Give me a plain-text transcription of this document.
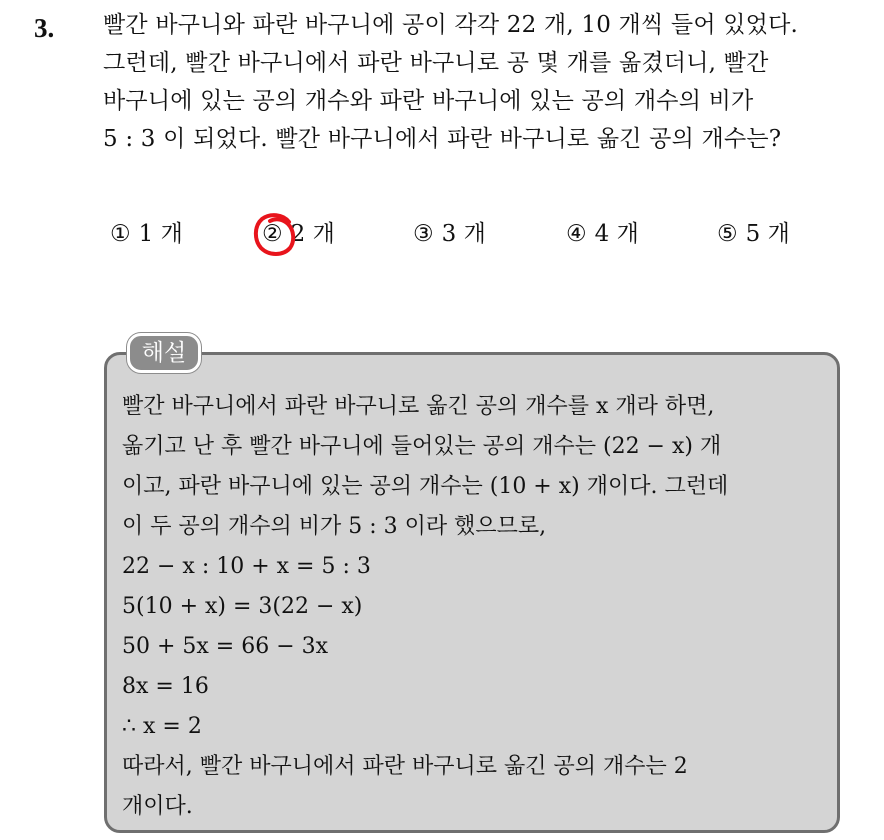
3. 빨간 바구니와 파란 바구니에 공이 각각 22 개, 10 개씩 들어 있었다.
그런데, 빨간 바구니에서 파란 바구니로 공 몇 개를 옮겼더니, 빨간
바구니에 있는 공의 개수와 파란 바구니에 있는 공의 개수의 비가
5 : 3 이 되었다. 빨간 바구니에서 파란 바구니로 옮긴 공의 개수는?
① 1 개	② 2 개	③ 3 개	④ 4 개	⑤ 5 개
해설
빨간 바구니에서 파란 바구니로 옮긴 공의 개수를 x 개라 하면,
옮기고 난 후 빨간 바구니에 들어있는 공의 개수는 (22 − x) 개
이고, 파란 바구니에 있는 공의 개수는 (10 + x) 개이다. 그런데
이 두 공의 개수의 비가 5 : 3 이라 했으므로,
22 − x : 10 + x = 5 : 3
5(10 + x) = 3(22 − x)
50 + 5x = 66 − 3x
8x = 16
∴ x = 2
따라서, 빨간 바구니에서 파란 바구니로 옮긴 공의 개수는 2
개이다.
